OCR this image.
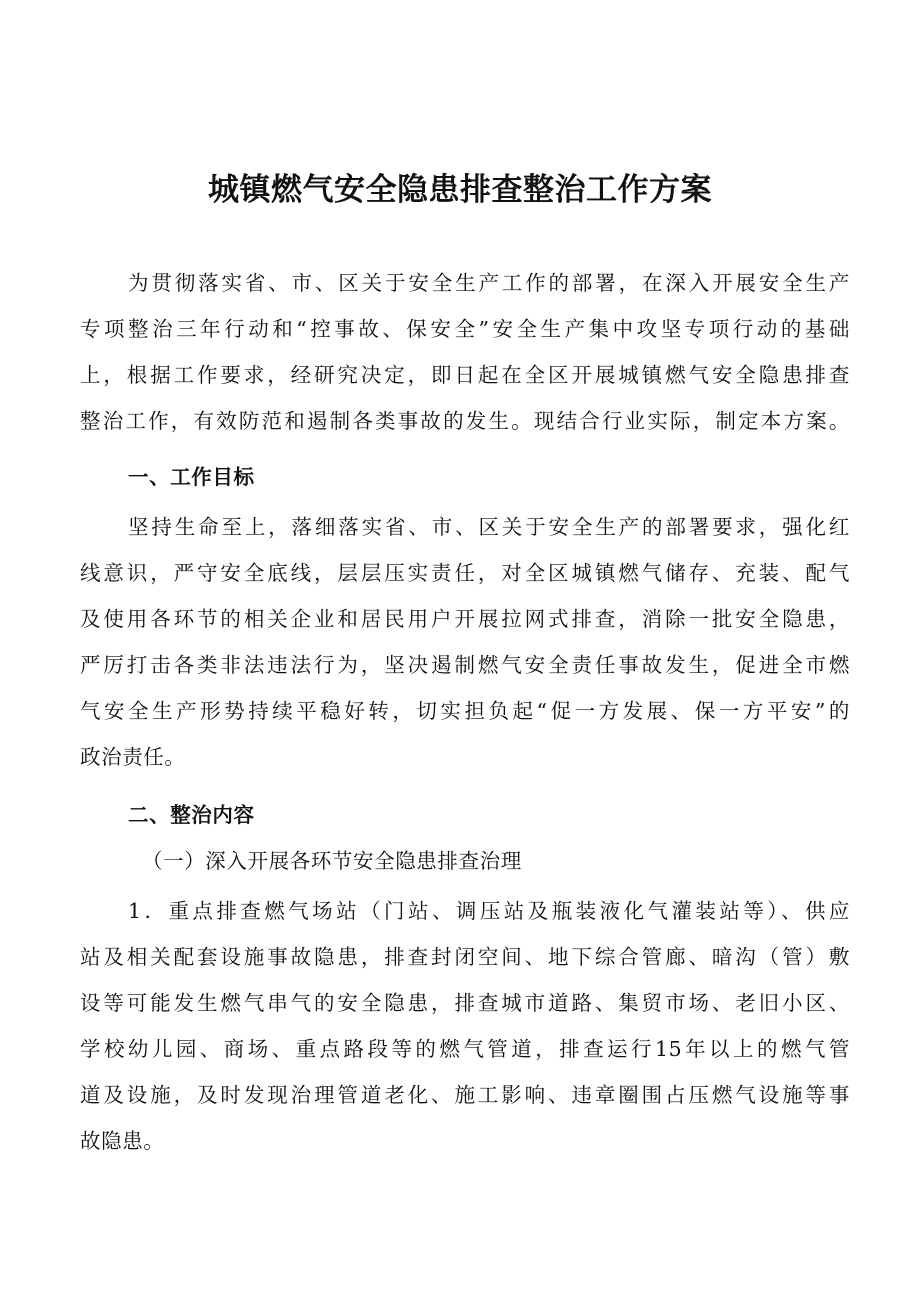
城镇燃气安全隐患排查整治工作方案
为贯彻落实省、市、区关于安全生产工作的部署，在深入开展安全生产
专项整治三年行动和“控事故、保安全”安全生产集中攻坚专项行动的基础
上，根据工作要求，经研究决定，即日起在全区开展城镇燃气安全隐患排查
整治工作，有效防范和遏制各类事故的发生。现结合行业实际，制定本方案。
一、工作目标
坚持生命至上，落细落实省、市、区关于安全生产的部署要求，强化红
线意识，严守安全底线，层层压实责任，对全区城镇燃气储存、充装、配气
及使用各环节的相关企业和居民用户开展拉网式排查，消除一批安全隐患，
严厉打击各类非法违法行为，坚决遏制燃气安全责任事故发生，促进全市燃
气安全生产形势持续平稳好转，切实担负起“促一方发展、保一方平安”的
政治责任。
二、整治内容
（一）深入开展各环节安全隐患排查治理
1．重点排查燃气场站（门站、调压站及瓶装液化气灌装站等）、供应
站及相关配套设施事故隐患，排查封闭空间、地下综合管廊、暗沟（管）敷
设等可能发生燃气串气的安全隐患，排查城市道路、集贸市场、老旧小区、
学校幼儿园、商场、重点路段等的燃气管道，排查运行15年以上的燃气管
道及设施，及时发现治理管道老化、施工影响、违章圈围占压燃气设施等事
故隐患。
